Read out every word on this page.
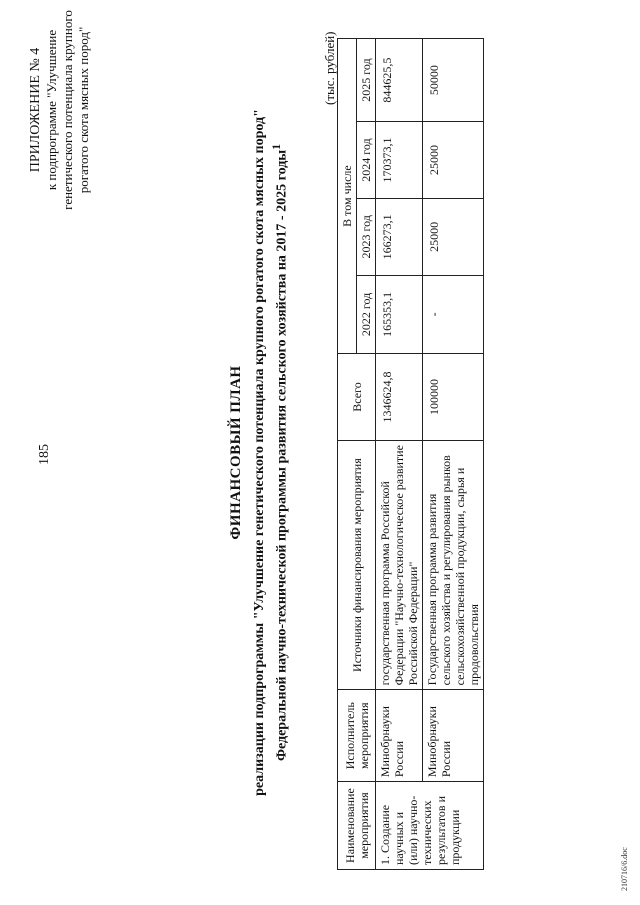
185
ПРИЛОЖЕНИЕ № 4 к подпрограмме "Улучшение генетического потенциала крупного рогатого скота мясных пород"
ФИНАНСОВЫЙ ПЛАН реализации подпрограммы "Улучшение генетического потенциала крупного рогатого скота мясных пород" Федеральной научно-технической программы развития сельского хозяйства на 2017 - 2025 годы$^1$
(тыс. рублей)
Наименование мероприятия	Исполнитель мероприятия	Источники финансирования мероприятия	Всего	В том числе			
				2022 год	2023 год	2024 год	2025 год
1. Создание научных и (или) научно-технических результатов и продукции	Минобрнауки России	государственная программа Российской Федерации "Научно-технологическое развитие Российской Федерации"	1346624,8	165353,1	166273,1	170373,1	844625,5
	Минобрнауки России	Государственная программа развития сельского хозяйства и регулирования рынков сельскохозяйственной продукции, сырья и продовольствия	100000	-	25000	25000	50000
210716/6.doc
